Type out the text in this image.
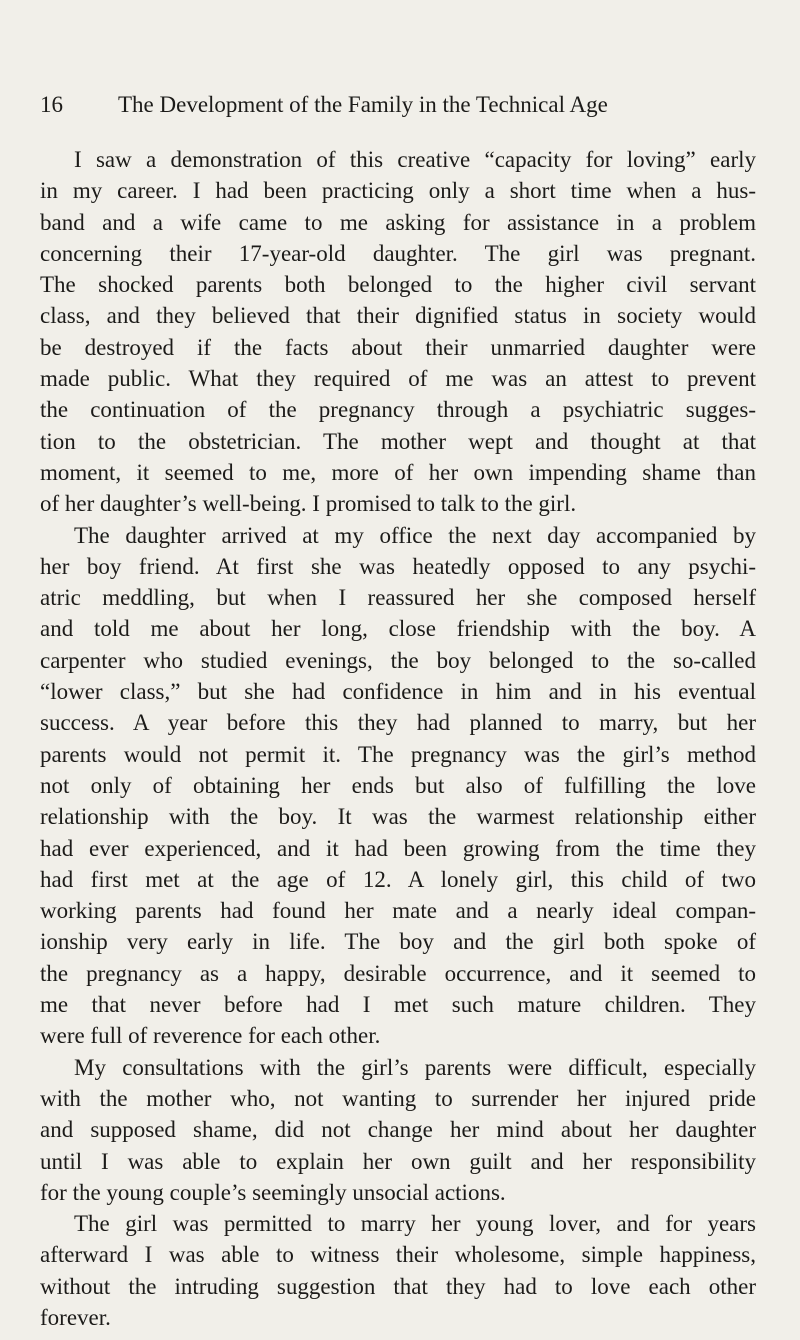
16 The Development of the Family in the Technical Age
I saw a demonstration of this creative “capacity for loving” early
in my career. I had been practicing only a short time when a hus-
band and a wife came to me asking for assistance in a problem
concerning their 17-year-old daughter. The girl was pregnant.
The shocked parents both belonged to the higher civil servant
class, and they believed that their dignified status in society would
be destroyed if the facts about their unmarried daughter were
made public. What they required of me was an attest to prevent
the continuation of the pregnancy through a psychiatric sugges-
tion to the obstetrician. The mother wept and thought at that
moment, it seemed to me, more of her own impending shame than
of her daughter’s well-being. I promised to talk to the girl.
The daughter arrived at my office the next day accompanied by
her boy friend. At first she was heatedly opposed to any psychi-
atric meddling, but when I reassured her she composed herself
and told me about her long, close friendship with the boy. A
carpenter who studied evenings, the boy belonged to the so-called
“lower class,” but she had confidence in him and in his eventual
success. A year before this they had planned to marry, but her
parents would not permit it. The pregnancy was the girl’s method
not only of obtaining her ends but also of fulfilling the love
relationship with the boy. It was the warmest relationship either
had ever experienced, and it had been growing from the time they
had first met at the age of 12. A lonely girl, this child of two
working parents had found her mate and a nearly ideal compan-
ionship very early in life. The boy and the girl both spoke of
the pregnancy as a happy, desirable occurrence, and it seemed to
me that never before had I met such mature children. They
were full of reverence for each other.
My consultations with the girl’s parents were difficult, especially
with the mother who, not wanting to surrender her injured pride
and supposed shame, did not change her mind about her daughter
until I was able to explain her own guilt and her responsibility
for the young couple’s seemingly unsocial actions.
The girl was permitted to marry her young lover, and for years
afterward I was able to witness their wholesome, simple happiness,
without the intruding suggestion that they had to love each other
forever.
